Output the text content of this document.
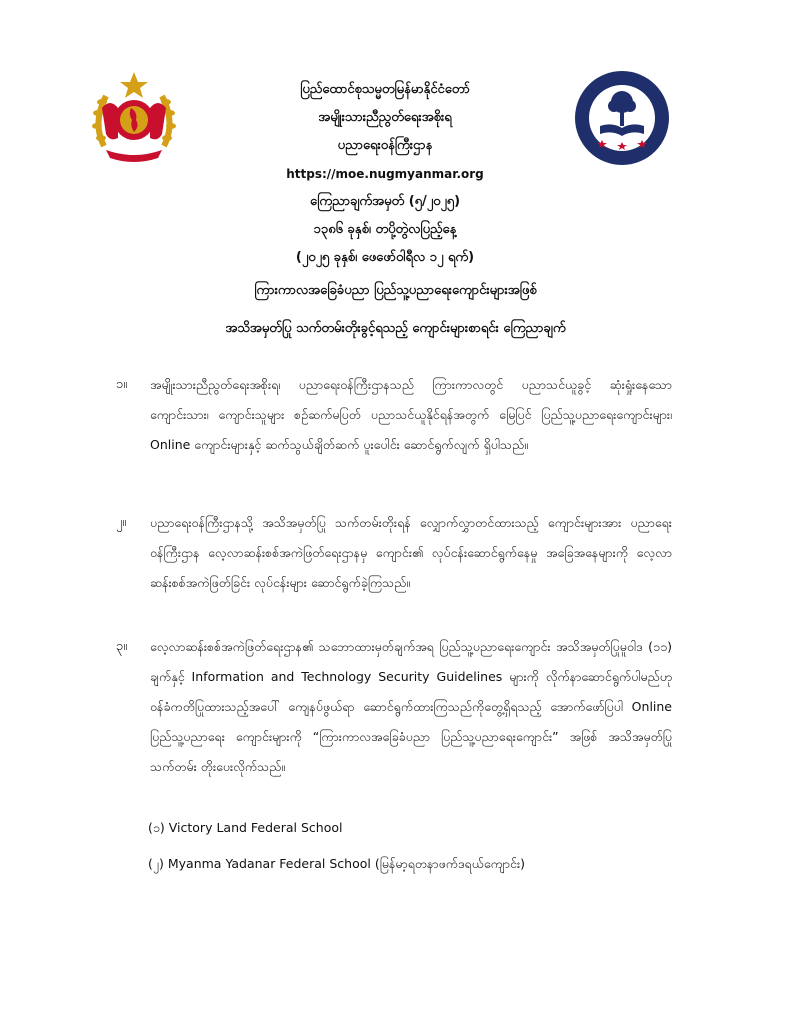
ပြည်ထောင်စုသမ္မတမြန်မာနိုင်ငံတော်
အမျိုးသားညီညွတ်ရေးအစိုးရ
ပညာရေးဝန်ကြီးဌာန
https://moe.nugmyanmar.org
ကြေညာချက်အမှတ် (၅/၂၀၂၅)
၁၃၈၆ ခုနှစ်၊ တပို့တွဲလပြည့်နေ့
(၂၀၂၅ ခုနှစ်၊ ဖေဖော်ဝါရီလ ၁၂ ရက်)
ကြားကာလအခြေခံပညာ ပြည်သူ့ပညာရေးကျောင်းများအဖြစ်
အသိအမှတ်ပြု သက်တမ်းတိုးခွင့်ရသည့် ကျောင်းများစာရင်း ကြေညာချက်
၁။ အမျိုးသားညီညွတ်ရေးအစိုးရ၊ ပညာရေးဝန်ကြီးဌာနသည် ကြားကာလတွင် ပညာသင်ယူခွင့် ဆုံးရှုံးနေသော ကျောင်းသား၊ ကျောင်းသူများ စဉ်ဆက်မပြတ် ပညာသင်ယူနိုင်ရန်အတွက် မြေပြင် ပြည်သူ့ပညာရေးကျောင်းများ၊ Online ကျောင်းများနှင့် ဆက်သွယ်ချိတ်ဆက် ပူးပေါင်း ဆောင်ရွက်လျက် ရှိပါသည်။
၂။ ပညာရေးဝန်ကြီးဌာနသို့ အသိအမှတ်ပြု သက်တမ်းတိုးရန် လျှောက်လွှာတင်ထားသည့် ကျောင်းများအား ပညာရေးဝန်ကြီးဌာန လေ့လာဆန်းစစ်အကဲဖြတ်ရေးဌာနမှ ကျောင်း၏ လုပ်ငန်းဆောင်ရွက်နေမှု အခြေအနေများကို လေ့လာဆန်းစစ်အကဲဖြတ်ခြင်း လုပ်ငန်းများ ဆောင်ရွက်ခဲ့ကြသည်။
၃။ လေ့လာဆန်းစစ်အကဲဖြတ်ရေးဌာန၏ သဘောထားမှတ်ချက်အရ ပြည်သူ့ပညာရေးကျောင်း အသိအမှတ်ပြုမူဝါဒ (၁၁) ချက်နှင့် Information and Technology Security Guidelines များကို လိုက်နာဆောင်ရွက်ပါမည်ဟု ဝန်ခံကတိပြုထားသည့်အပေါ် ကျေနပ်ဖွယ်ရာ ဆောင်ရွက်ထားကြသည်ကိုတွေ့ရှိရသည့် အောက်ဖော်ပြပါ Online ပြည်သူ့ပညာရေး ကျောင်းများကို “ကြားကာလအခြေခံပညာ ပြည်သူ့ပညာရေးကျောင်း” အဖြစ် အသိအမှတ်ပြု သက်တမ်း တိုးပေးလိုက်သည်။
(၁) Victory Land Federal School
(၂) Myanma Yadanar Federal School (မြန်မာ့ရတနာဖက်ဒရယ်ကျောင်း)
